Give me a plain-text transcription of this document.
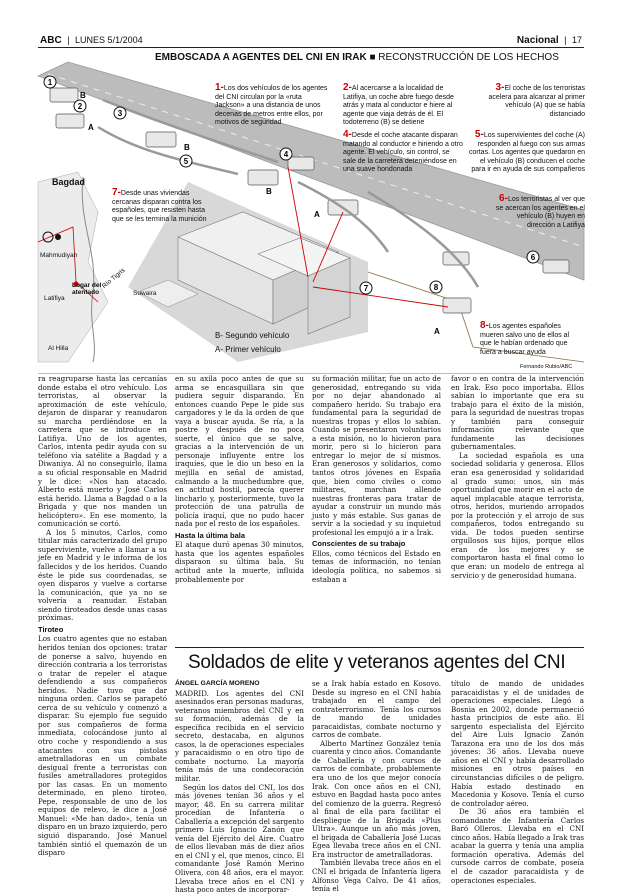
ABC | LUNES 5/1/2004	Nacional | 17
EMBOSCADA A AGENTES DEL CNI EN IRAK ■ RECONSTRUCCIÓN DE LOS HECHOS
1
2
3
4
5
6
7	8
B
A
B
B
A
A
Bagdad
Mahmudiyah
Lugar del atentado
Río Tigris
Suwaira
Latifiya
Al Hilla
1-Los dos vehículos de los agentes del CNI circulan por la «ruta Jackson» a una distancia de unos decenas de metros entre ellos, por motivos de seguridad
2-Al acercarse a la localidad de Latifiya, un coche abre fuego desde atrás y mata al conductor e hiere al agente que viaja detrás de él. El todoterreno (B) se detiene
3-El coche de los terroristas acelera para alcanzar al primer vehículo (A) que se había distanciado
4-Desde el coche atacante disparan matando al conductor e hiriendo a otro agente. El vehículo, sin control, se sale de la carretera deteniéndose en una suave hondonada
5-Los supervivientes del coche (A) responden al fuego con sus armas cortas. Los agentes que quedaron en el vehículo (B) conducen el coche para ir en ayuda de sus compañeros
6-Los terroristas al ver que se acercan los agentes en el vehículo (B) huyen en dirección a Latifiya
7-Desde unas viviendas cercanas disparan contra los españoles, que resisten hasta que se les termina la munición
8-Los agentes españoles mueren salvo uno de ellos al que le habían ordenado que fuera a buscar ayuda
B- Segundo vehículo
A- Primer vehículo
Fernando Rubio/ABC

ra reagruparse hasta las cercanías donde estaba el otro vehículo. Los terroristas, al observar la aproximación de este vehículo, dejaron de disparar y reanudaron su marcha perdiéndose en la carretera que se introduce en Latifiya. Uno de los agentes, Carlos, intenta pedir ayuda con su teléfono vía satélite a Bagdad y a Diwaniya. Al no conseguirlo, llama a su oficial responsable en Madrid y le dice: «Nos han atacado. Alberto está muerto y José Carlos está herido. Llama a Bagdad o a la Brigada y que nos manden un helicóptero». En ese momento, la comunicación se cortó.

A los 5 minutos, Carlos, como titular más caracterizado del grupo superviviente, vuelve a llamar a su jefe en Madrid y le informa de los fallecidos y de los heridos. Cuando éste le pide sus coordenadas, se oyen disparos y vuelve a cortarse la comunicación, que ya no se volvería a reanudar. Estaban siendo tiroteados desde unas casas próximas.

Tiroteo

Los cuatro agentes que no estaban heridos tenían dos opciones: tratar de ponerse a salvo, huyendo en dirección contraria a los terroristas o tratar de repeler el ataque defendiendo a sus compañeros heridos. Nadie tuvo que dar ninguna orden. Carlos se parapetó cerca de su vehículo y comenzó a disparar. Su ejemplo fue seguido por sus compañeros de forma inmediata, colocándose junto al otro coche y respondiendo a sus atacantes con sus pistolas ametralladoras en un combate desigual frente a terroristas con fusiles ametralladores protegidos por las casas. En un momento determinado, en pleno tiroteo, Pepe, responsable de uno de los equipos de relevo, le dice a José Manuel: «Me han dado», tenía un disparo en un brazo izquierdo, pero siguió disparando. José Manuel también sintió el quemazón de un disparo

en su axila poco antes de que su arma se encasquillara sin que pudiera seguir disparando. En entonces cuando Pepe le pide sus cargadores y le da la orden de que vaya a buscar ayuda. Se ría, a la postre y después de no poca suerte, el único que se salve, gracias a la intervención de un personaje influyente entre los iraquíes, que le dio un beso en la mejilla en señal de amistad, calmando a la muchedumbre que, en actitud hostil, parecía querer lincharlo y, posteriormente, tuvo la protección de una patrulla de policía iraquí, que no pudo hacer nada por el resto de los españoles.

Hasta la última bala

El ataque duró apenas 30 minutos, hasta que los agentes españoles disparaon su última bala. Su actitud ante la muerte, influida probablemente por

su formación militar, fue un acto de generosidad, entregando su vida por no dejar abandonado al compañero herido. Su trabajo era fundamental para la seguridad de nuestras tropas y ellos lo sabían. Cuando se presentaron voluntarios a esta misión, no lo hicieron para morir, pero si lo hicieron para entregar lo mejor de sí mismos. Eran generosos y solidarios, como tantos otros jóvenes en España que, bien como civiles o como militares, marchan allende nuestras fronteras para tratar de ayudar a construir un mundo más justo y más estable. Sus ganas de servir a la sociedad y su inquietud profesional les empujó a ir a Irak.

Conscientes de su trabajo

Ellos, como técnicos del Estado en temas de información, no tenían ideología política, no sabemos si estaban a

favor o en contra de la intervención en Irak. Eso poco importaba. Ellos sabían lo importante que era su trabajo para el éxito de la misión, para la seguridad de nuestras tropas y también para conseguir información relevante que fundamente las decisiones gubernamentales.

La sociedad española es una sociedad solidaria y generosa. Ellos eran esa generosidad y solidaridad al grado sumo: unos, sin más oportunidad que morir en el acto de aquel implacable ataque terrorista, otros, heridos, muriendo arropados por la protección y el arrojo de sus compañeros, todos entregando su vida. De todos pueden sentirse orgullosos sus hijos, porque ellos eran de los mejores y se comportaron hasta el final como lo que eran: un modelo de entrega al servicio y de generosidad humana.

Soldados de elite y veteranos agentes del CNI
ÁNGEL GARCÍA MORENO

MADRID. Los agentes del CNI asesinados eran personas maduras, veteranos miembros del CNI y en su formación, además de la específica recibida en el servicio secreto, destacaba, en algunos casos, la de operaciones especiales y paracaidismo o en otro tipo de combate nocturno. La mayoría tenía más de una condecoración militar.

Según los datos del CNI, los dos más jóvenes tenían 36 años y el mayor, 48. En su carrera militar procedían de Infantería o Caballería a excepción del sargento primero Luis Ignacio Zanón que venía del Ejército del Aire. Cuatro de ellos llevaban más de diez años en el CNI y el, que menos, cinco. El comandante José Ramón Merino Olivera, con 48 años, era el mayor. Llevaba trece años en el CNI y hasta poco antes de incorporar-

se a Irak había estado en Kosovo. Desde su ingreso en el CNI había trabajado en el campo del contraterrorismo. Tenía los cursos de mando de unidades paracaidistas, combate nocturno y carros de combate.

Alberto Martínez González tenía cuarenta y cinco años. Comandante de Caballería y con cursos de carros de combate, probablemente era uno de los que mejor conocía Irak. Con once años en el CNI, estuvo en Bagdad hasta poco antes del comienzo de la guerra. Regresó al final de ella para facilitar el despliegue de la Brigada «Plus Ultra». Aunque un año más joven, el brigada de Caballería José Lucas Egea llevaba trece años en el CNI. Era instructor de ametralladoras.

También llevaba trece años en el CNI el brigada de Infantería ligera Alfonso Vega Calvo. De 41 años, tenía el

título de mando de unidades paracaidistas y el de unidades de operaciones especiales. Llegó a Bosnia en 2002, donde permaneció hasta principios de este año. El sargento especialista del Ejército del Aire Luis Ignacio Zanón Tarazona era uno de los dos más jóvenes: 36 años. Llevaba nueve años en el CNI y había desarrollado misiones en otros países en circunstancias difíciles o de peligro. Había estado destinado en Macedonia y Kosovo. Tenía el curso de controlador aéreo.

De 36 años era también el comandante de Infantería Carlos Baró Olleros. Llevaba en el CNI cinco años. Había llegado a Irak tras acabar la guerra y tenía una amplia formación operativa. Además del cursode carros de combate, poseía el de cazador paracaidista y de operaciones especiales.
